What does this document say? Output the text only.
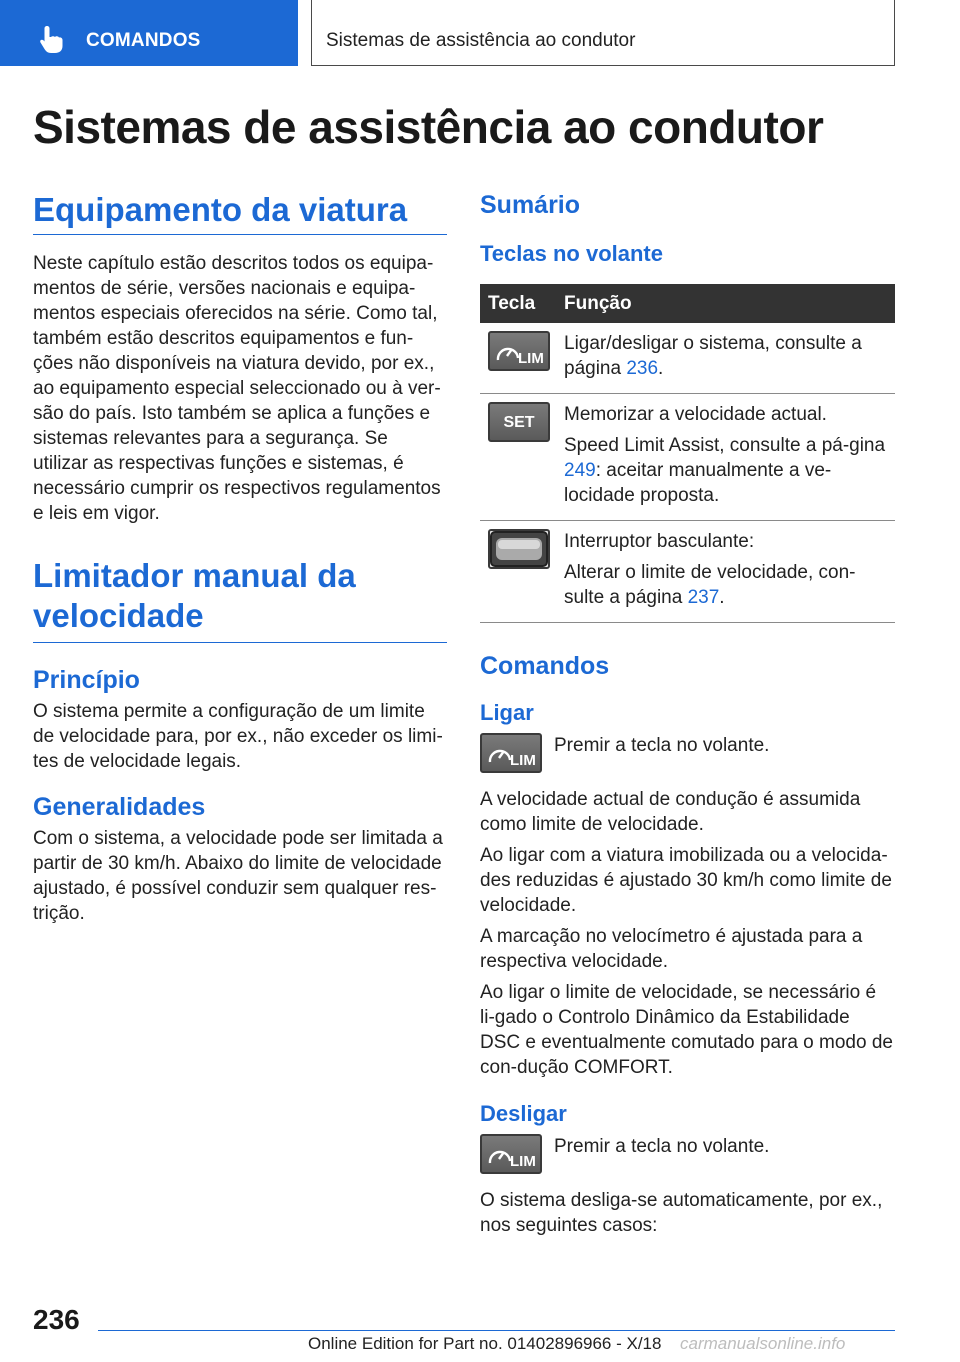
COMANDOS	Sistemas de assistência ao condutor
Sistemas de assistência ao condutor
Equipamento da viatura

Neste capítulo estão descritos todos os equipa-mentos de série, versões nacionais e equipa-mentos especiais oferecidos na série. Como tal, também estão descritos equipamentos e fun-ções não disponíveis na viatura devido, por ex., ao equipamento especial seleccionado ou à ver-são do país. Isto também se aplica a funções e sistemas relevantes para a segurança. Se utilizar as respectivas funções e sistemas, é necessário cumprir os respectivos regulamentos e leis em vigor.

Limitador manual da velocidade
Princípio

O sistema permite a configuração de um limite de velocidade para, por ex., não exceder os limi-tes de velocidade legais.

Generalidades

Com o sistema, a velocidade pode ser limitada a partir de 30 km/h. Abaixo do limite de velocidade ajustado, é possível conduzir sem qualquer res-trição.

Sumário
Teclas no volante
Tecla	Função

LIM	Ligar/desligar o sistema, consulte a página 236.

SET	Memorizar a velocidade actual.
Speed Limit Assist, consulte a pá-gina 249: aceitar manualmente a ve-locidade proposta.

Interruptor basculante:
Alterar o limite de velocidade, con-sulte a página 237.
Comandos
Ligar
LIM

Premir a tecla no volante.

A velocidade actual de condução é assumida como limite de velocidade.

Ao ligar com a viatura imobilizada ou a velocida-des reduzidas é ajustado 30 km/h como limite de velocidade.

A marcação no velocímetro é ajustada para a respectiva velocidade.

Ao ligar o limite de velocidade, se necessário é li-gado o Controlo Dinâmico da Estabilidade DSC e eventualmente comutado para o modo de con-dução COMFORT.

Desligar
LIM

Premir a tecla no volante.

O sistema desliga-se automaticamente, por ex., nos seguintes casos:

236
Online Edition for Part no. 01402896966 - X/18 carmanualsonline.info
